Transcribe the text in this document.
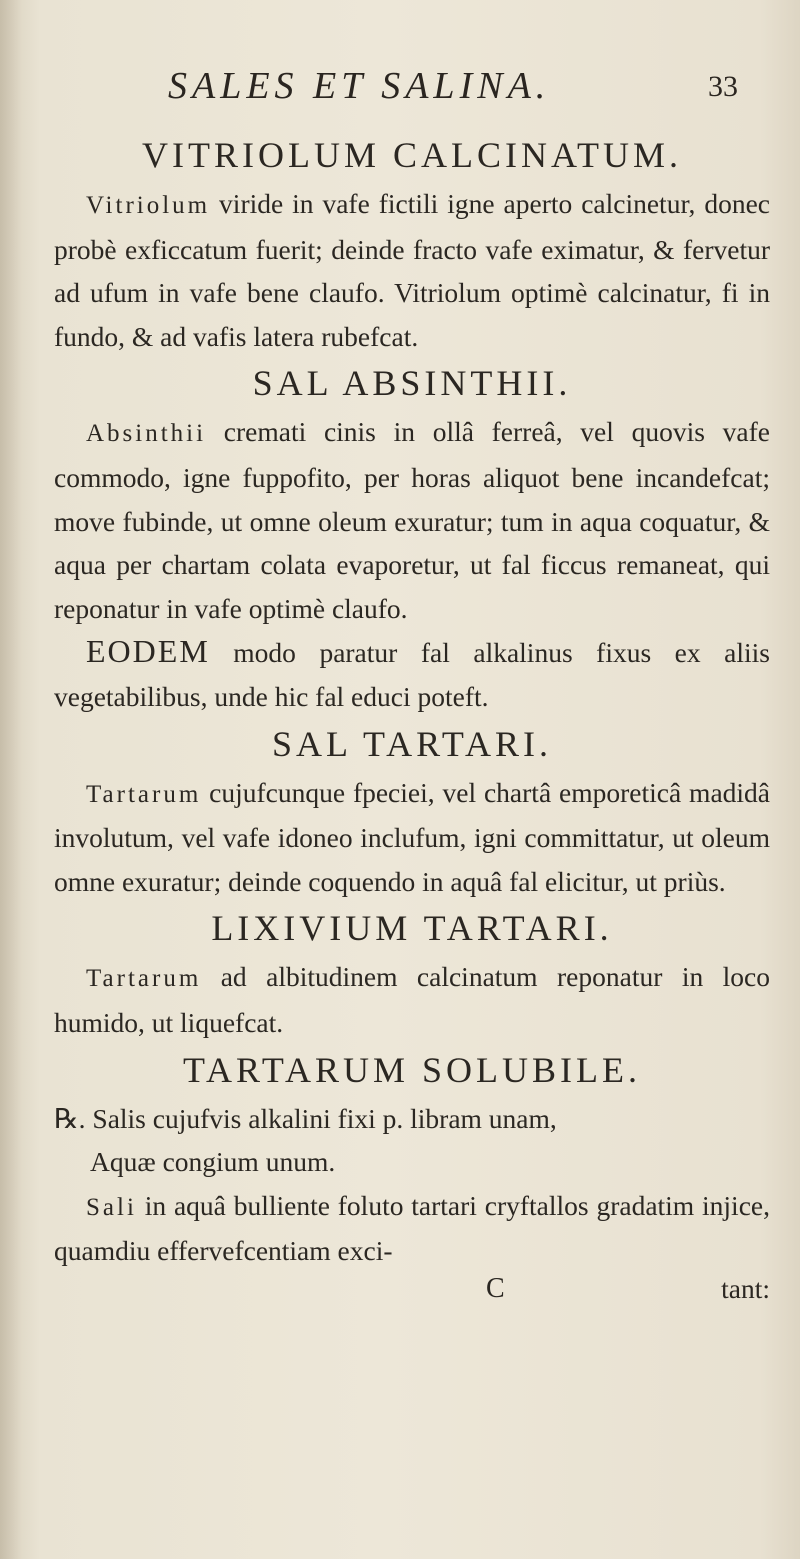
SALES ET SALINA.	33
VITRIOLUM CALCINATUM.

Vitriolum viride in vafe fictili igne aperto calcinetur, donec probè exficcatum fuerit; deinde fracto vafe eximatur, & fervetur ad ufum in vafe bene claufo. Vitriolum optimè calcinatur, fi in fundo, & ad vafis latera rubefcat.

SAL ABSINTHII.

Absinthii cremati cinis in ollâ ferreâ, vel quovis vafe commodo, igne fuppofito, per horas aliquot bene incandefcat; move fubinde, ut omne oleum exuratur; tum in aqua coquatur, & aqua per chartam colata evaporetur, ut fal ficcus remaneat, qui reponatur in vafe optimè claufo.

EODEM modo paratur fal alkalinus fixus ex aliis vegetabilibus, unde hic fal educi poteft.

SAL TARTARI.

Tartarum cujufcunque fpeciei, vel chartâ emporeticâ madidâ involutum, vel vafe idoneo inclufum, igni committatur, ut oleum omne exuratur; deinde coquendo in aquâ fal elicitur, ut priùs.

LIXIVIUM TARTARI.

Tartarum ad albitudinem calcinatum reponatur in loco humido, ut liquefcat.

TARTARUM SOLUBILE.
℞. Salis cujufvis alkalini fixi p. libram unam,
Aquæ congium unum.

Sali in aquâ bulliente foluto tartari cryftallos gradatim injice, quamdiu effervefcentiam exci-

C	tant:
